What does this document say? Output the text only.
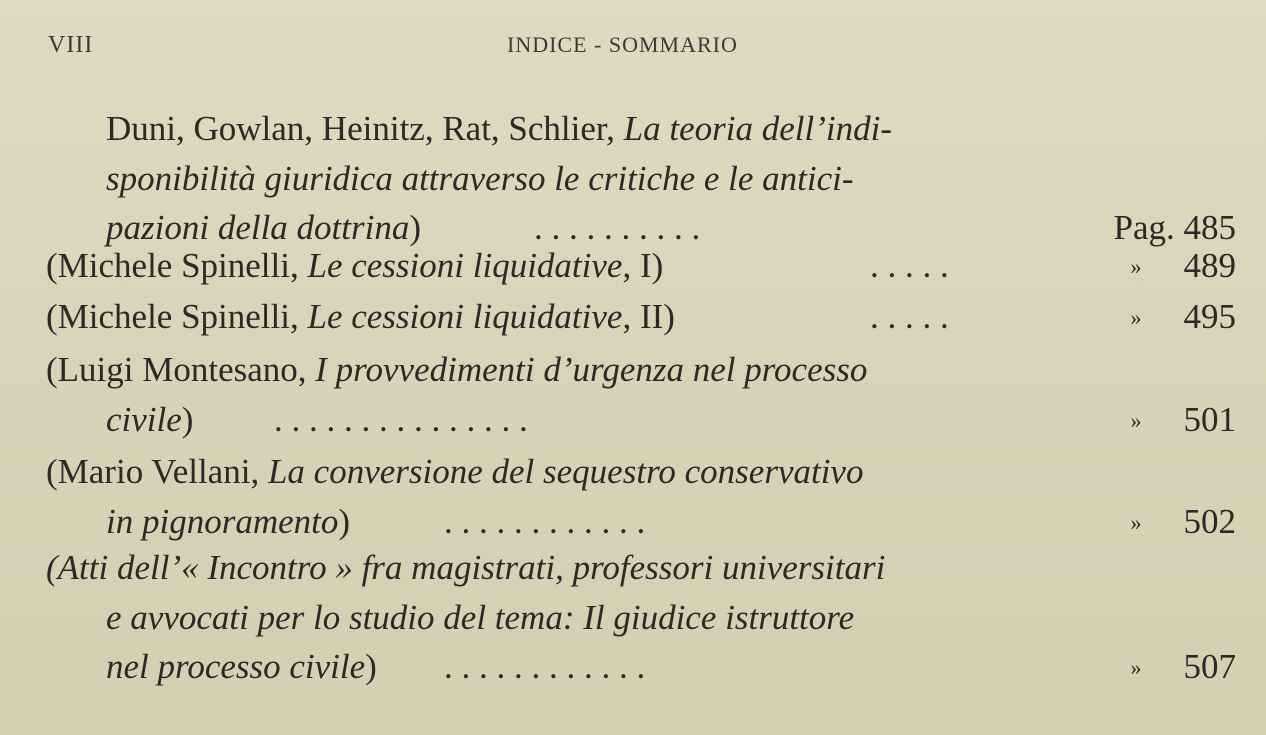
VIII	INDICE - SOMMARIO
Duni, Gowlan, Heinitz, Rat, Schlier, La teoria dell’indi-
sponibilità giuridica attraverso le critiche e le antici-
pazioni della dottrina)	. . . . . . . . . .	Pag. 485
(Michele Spinelli, Le cessioni liquidative, I)	. . . . .	» 489
(Michele Spinelli, Le cessioni liquidative, II)	. . . . .	» 495
(Luigi Montesano, I provvedimenti d’urgenza nel processo
civile) . . . . . . . . . . . . . . .	» 501
(Mario Vellani, La conversione del sequestro conservativo
in pignoramento)	. . . . . . . . . . . .	» 502
(Atti dell’« Incontro » fra magistrati, professori universitari
e avvocati per lo studio del tema: Il giudice istruttore
nel processo civile) . . . . . . . . . . . .	» 507
